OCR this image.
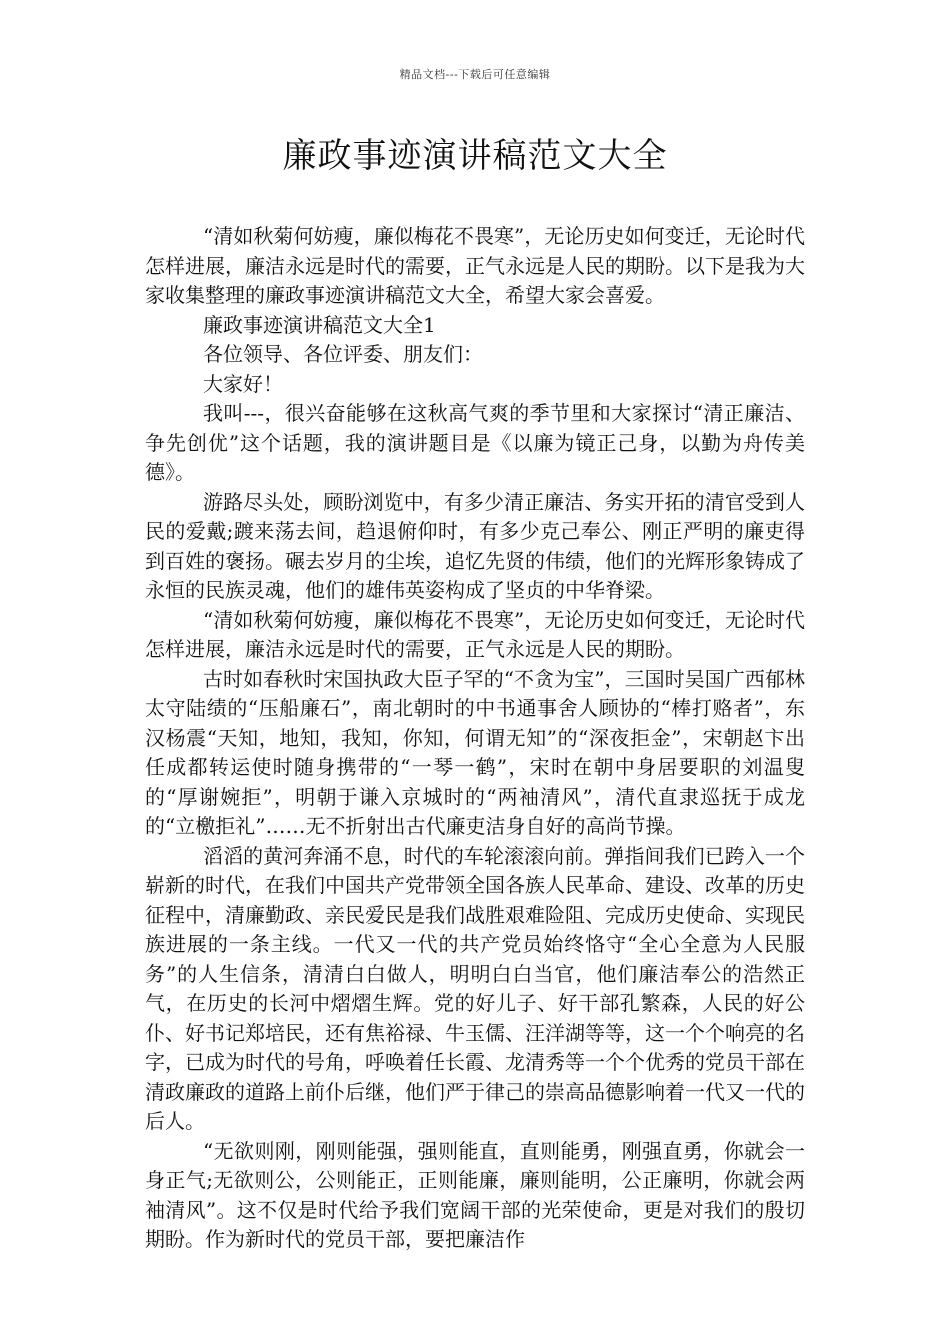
精品文档---下载后可任意编辑
廉政事迹演讲稿范文大全

“清如秋菊何妨瘦，廉似梅花不畏寒”，无论历史如何变迁，无论时代怎样进展，廉洁永远是时代的需要，正气永远是人民的期盼。以下是我为大家收集整理的廉政事迹演讲稿范文大全，希望大家会喜爱。

廉政事迹演讲稿范文大全1

各位领导、各位评委、朋友们：

大家好！

我叫---，很兴奋能够在这秋高气爽的季节里和大家探讨“清正廉洁、争先创优”这个话题，我的演讲题目是《以廉为镜正己身，以勤为舟传美德》。

游路尽头处，顾盼浏览中，有多少清正廉洁、务实开拓的清官受到人民的爱戴;踱来荡去间，趋退俯仰时，有多少克己奉公、刚正严明的廉吏得到百姓的褒扬。碾去岁月的尘埃，追忆先贤的伟绩，他们的光辉形象铸成了永恒的民族灵魂，他们的雄伟英姿构成了坚贞的中华脊梁。

“清如秋菊何妨瘦，廉似梅花不畏寒”，无论历史如何变迁，无论时代怎样进展，廉洁永远是时代的需要，正气永远是人民的期盼。

古时如春秋时宋国执政大臣子罕的“不贪为宝”，三国时吴国广西郁林太守陆绩的“压船廉石”，南北朝时的中书通事舍人顾协的“棒打赂者”，东汉杨震“天知，地知，我知，你知，何谓无知”的“深夜拒金”，宋朝赵卞出任成都转运使时随身携带的“一琴一鹤”，宋时在朝中身居要职的刘温叟的“厚谢婉拒”，明朝于谦入京城时的“两袖清风”，清代直隶巡抚于成龙的“立檄拒礼”……无不折射出古代廉吏洁身自好的高尚节操。

滔滔的黄河奔涌不息，时代的车轮滚滚向前。弹指间我们已跨入一个崭新的时代，在我们中国共产党带领全国各族人民革命、建设、改革的历史征程中，清廉勤政、亲民爱民是我们战胜艰难险阻、完成历史使命、实现民族进展的一条主线。一代又一代的共产党员始终恪守“全心全意为人民服务”的人生信条，清清白白做人，明明白白当官，他们廉洁奉公的浩然正气，在历史的长河中熠熠生辉。党的好儿子、好干部孔繁森，人民的好公仆、好书记郑培民，还有焦裕禄、牛玉儒、汪洋湖等等，这一个个响亮的名字，已成为时代的号角，呼唤着任长霞、龙清秀等一个个优秀的党员干部在清政廉政的道路上前仆后继，他们严于律己的崇高品德影响着一代又一代的后人。

“无欲则刚，刚则能强，强则能直，直则能勇，刚强直勇，你就会一身正气;无欲则公，公则能正，正则能廉，廉则能明，公正廉明，你就会两袖清风”。这不仅是时代给予我们宽阔干部的光荣使命，更是对我们的殷切期盼。作为新时代的党员干部，要把廉洁作
